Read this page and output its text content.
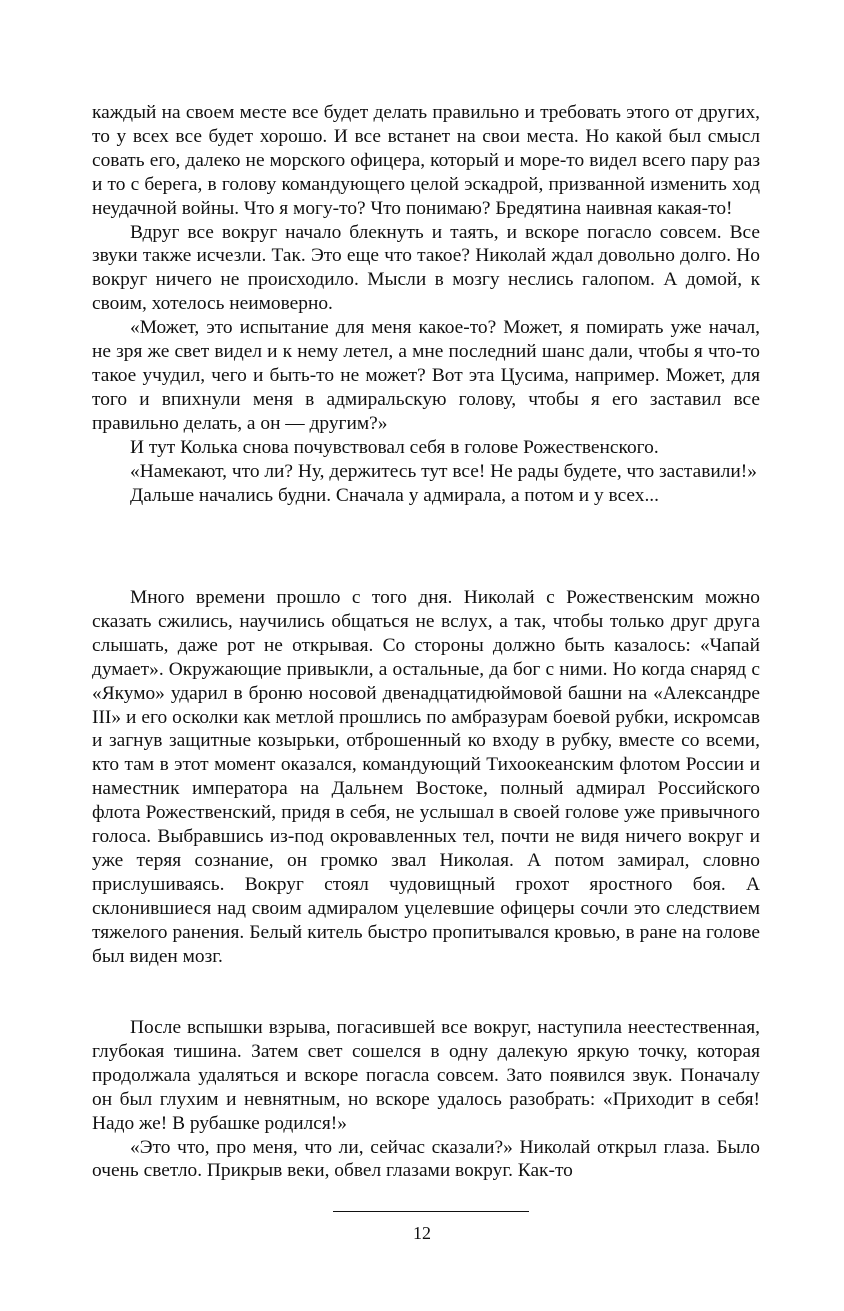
каждый на своем месте все будет делать правильно и требовать этого от других, то у всех все будет хорошо. И все встанет на свои места. Но какой был смысл совать его, далеко не морского офицера, который и море-то видел всего пару раз и то с берега, в голову командующего целой эскадрой, призванной изменить ход неудачной войны. Что я могу-то? Что понимаю? Бредятина наивная какая-то!

Вдруг все вокруг начало блекнуть и таять, и вскоре погасло совсем. Все звуки также исчезли. Так. Это еще что такое? Николай ждал довольно долго. Но вокруг ничего не происходило. Мысли в мозгу неслись галопом. А домой, к своим, хотелось неимоверно.

«Может, это испытание для меня какое-то? Может, я помирать уже начал, не зря же свет видел и к нему летел, а мне последний шанс дали, чтобы я что-то такое учудил, чего и быть-то не может? Вот эта Цусима, например. Может, для того и впихнули меня в адмиральскую голову, чтобы я его заставил все правильно делать, а он — другим?»

И тут Колька снова почувствовал себя в голове Рожественского.

«Намекают, что ли? Ну, держитесь тут все! Не рады будете, что заставили!»

Дальше начались будни. Сначала у адмирала, а потом и у всех...

Много времени прошло с того дня. Николай с Рожественским можно сказать сжились, научились общаться не вслух, а так, чтобы только друг друга слышать, даже рот не открывая. Со стороны должно быть казалось: «Чапай думает». Окружающие привыкли, а остальные, да бог с ними. Но когда снаряд с «Якумо» ударил в броню носовой двенадцатидюймовой башни на «Александре III» и его осколки как метлой прошлись по амбразурам боевой рубки, искромсав и загнув защитные козырьки, отброшенный ко входу в рубку, вместе со всеми, кто там в этот момент оказался, командующий Тихоокеанским флотом России и наместник императора на Дальнем Востоке, полный адмирал Российского флота Рожественский, придя в себя, не услышал в своей голове уже привычного голоса. Выбравшись из-под окровавленных тел, почти не видя ничего вокруг и уже теряя сознание, он громко звал Николая. А потом замирал, словно прислушиваясь. Вокруг стоял чудовищный грохот яростного боя. А склонившиеся над своим адмиралом уцелевшие офицеры сочли это следствием тяжелого ранения. Белый китель быстро пропитывался кровью, в ране на голове был виден мозг.

После вспышки взрыва, погасившей все вокруг, наступила неестественная, глубокая тишина. Затем свет сошелся в одну далекую яркую точку, которая продолжала удаляться и вскоре погасла совсем. Зато появился звук. Поначалу он был глухим и невнятным, но вскоре удалось разобрать: «Приходит в себя! Надо же! В рубашке родился!»

«Это что, про меня, что ли, сейчас сказали?» Николай открыл глаза. Было очень светло. Прикрыв веки, обвел глазами вокруг. Как-то

12
